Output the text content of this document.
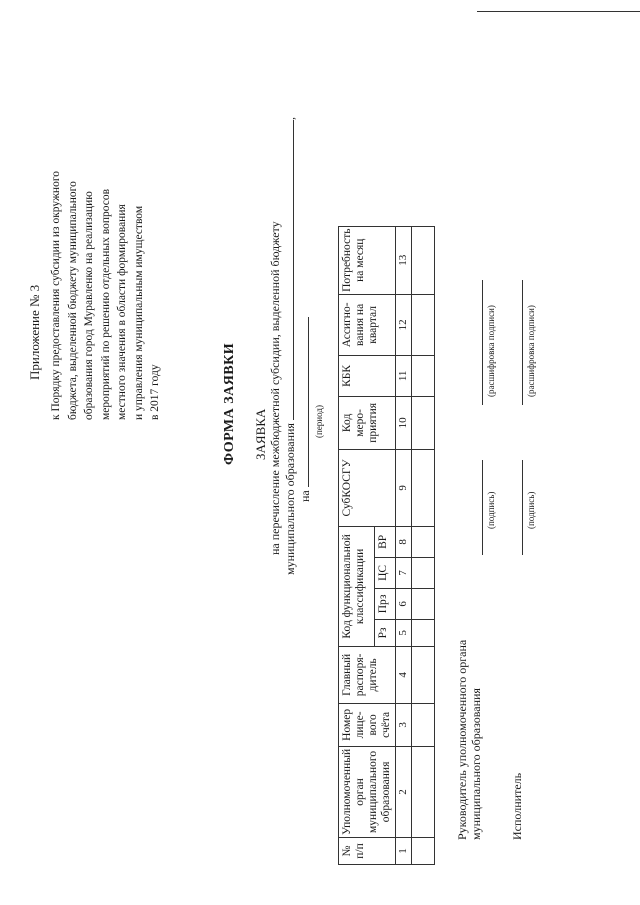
Приложение № 3 к Порядку предоставления субсидии из окружного бюджета, выделенной бюджету муниципального образования город Муравленко на реализацию мероприятий по решению отдельных вопросов местного значения в области формирования и управления муниципальным имуществом в 2017 году	ФОРМА ЗАЯВКИ ЗАЯВКА на перечисление межбюджетной субсидии, выделенной бюджету муниципального образования ,
на
(период)
№ п/п	Уполномоченный орган муниципального образования	Номер лице-вого счёта	Главный распоря-дитель	Код функциональной классификации				СубКОСГУ	Код меро-приятия	КБК	Ассигно-вания на квартал	Потребность на месяц
				Рз	Прз	ЦС	ВР					
1	2	3	4	5	6	7	8	9	10	11	12	13

Руководитель уполномоченного органа муниципального образования
(подпись)
(расшифровка подписи)
Исполнитель
(подпись)
(расшифровка подписи)
